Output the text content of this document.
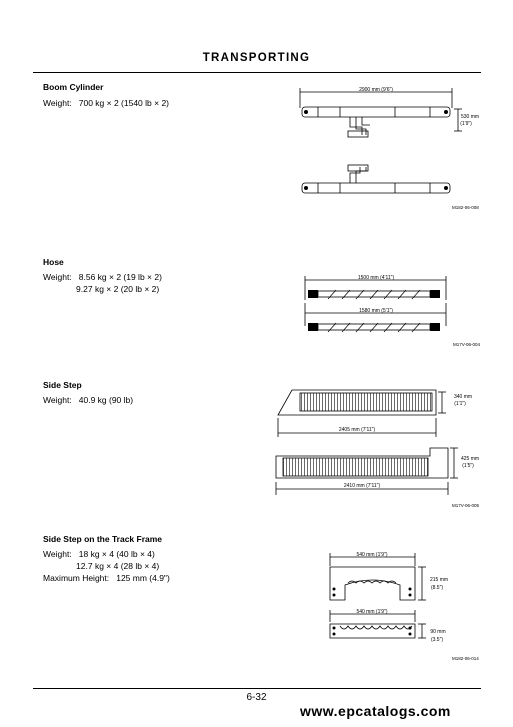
TRANSPORTING
Boom Cylinder
Weight:   700 kg × 2 (1540 lb × 2)
2900 mm (9'6")
530 mm
(1'9")
M182-06-008
Hose
Weight:   8.56 kg × 2 (19 lb × 2)
9.27 kg × 2 (20 lb × 2)
1500 mm (4'11")
1580 mm (5'1")
M17V-06-004
Side Step
Weight:   40.9 kg (90 lb)	340 mm
(1'1")
2405 mm (7'11")
425 mm
(1'5")
2410 mm (7'11")
M17V-06-005
Side Step on the Track Frame
Weight:   18 kg × 4 (40 lb × 4)
12.7 kg × 4 (28 lb × 4)
Maximum Height:   125 mm (4.9")
540 mm (1'9")
215 mm
(8.5")
540 mm (1'9")
90 mm
(3.5")
M182-06-014
6-32
www.epcatalogs.com
